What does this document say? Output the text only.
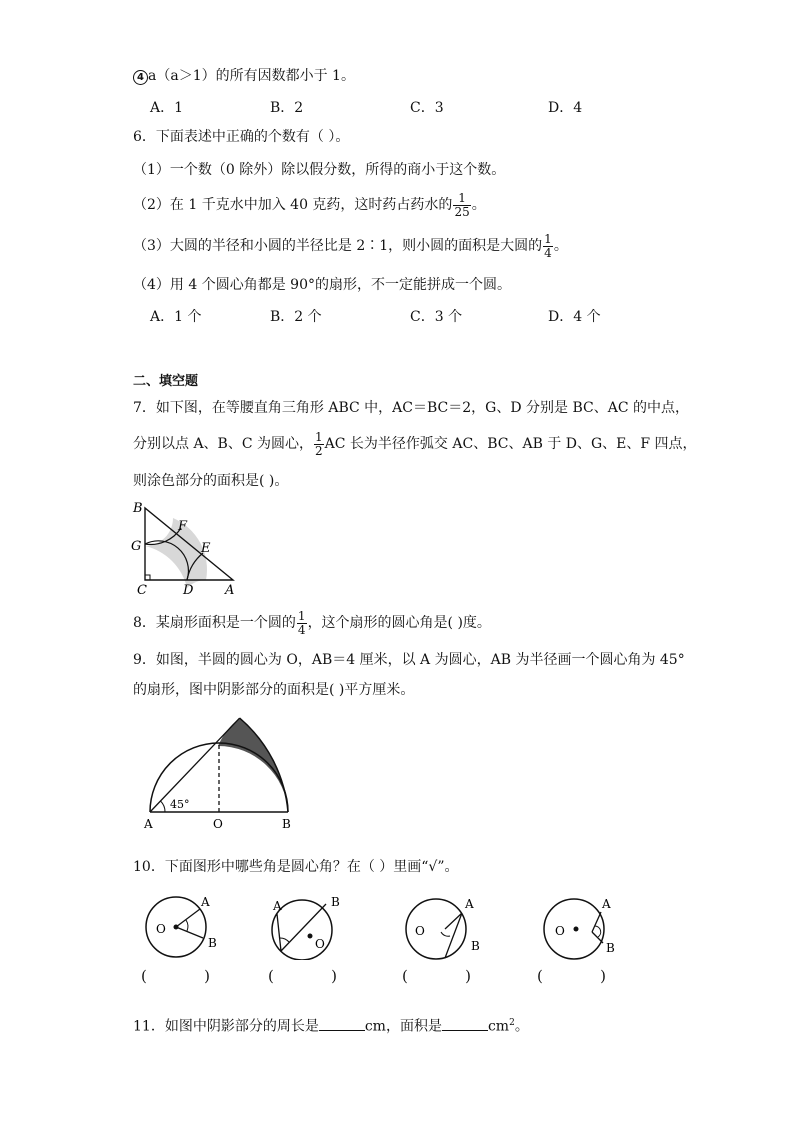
4 a（a＞1）的所有因数都小于 1。
A．1	B．2	C．3	D．4
6．下面表述中正确的个数有（ ）。
（1）一个数（0 除外）除以假分数，所得的商小于这个数。
（2）在 1 千克水中加入 40 克药，这时药占药水的 $\frac{1}{25}$ 。
（3）大圆的半径和小圆的半径比是 2∶1，则小圆的面积是大圆的 $\frac{1}{4}$ 。
（4）用 4 个圆心角都是 90°的扇形，不一定能拼成一个圆。
A．1 个	B．2 个	C．3 个	D．4 个
二、填空题
7．如下图，在等腰直角三角形 ABC 中，AC＝BC＝2，G、D 分别是 BC、AC 的中点，
分别以点 A、B、C 为圆心， $\frac{1}{2}$ AC 长为半径作弧交 AC、BC、AB 于 D、G、E、F 四点，
则涂色部分的面积是( )。
B
F
G	E
C	D A
8．某扇形面积是一个圆的 $\frac{1}{4}$ ，这个扇形的圆心角是( )度。
9．如图，半圆的圆心为 O，AB＝4 厘米，以 A 为圆心，AB 为半径画一个圆心角为 45°
的扇形，图中阴影部分的面积是( )平方厘米。
45°
A	O	B
10．下面图形中哪些角是圆心角？在（ ）里画“√”。
O
A
B
A	B
O
O
A
B
O
A
B
(            )	(            )	(            )	(            )
11．如图中阴影部分的周长是	cm，面积是	$cm^2$。
